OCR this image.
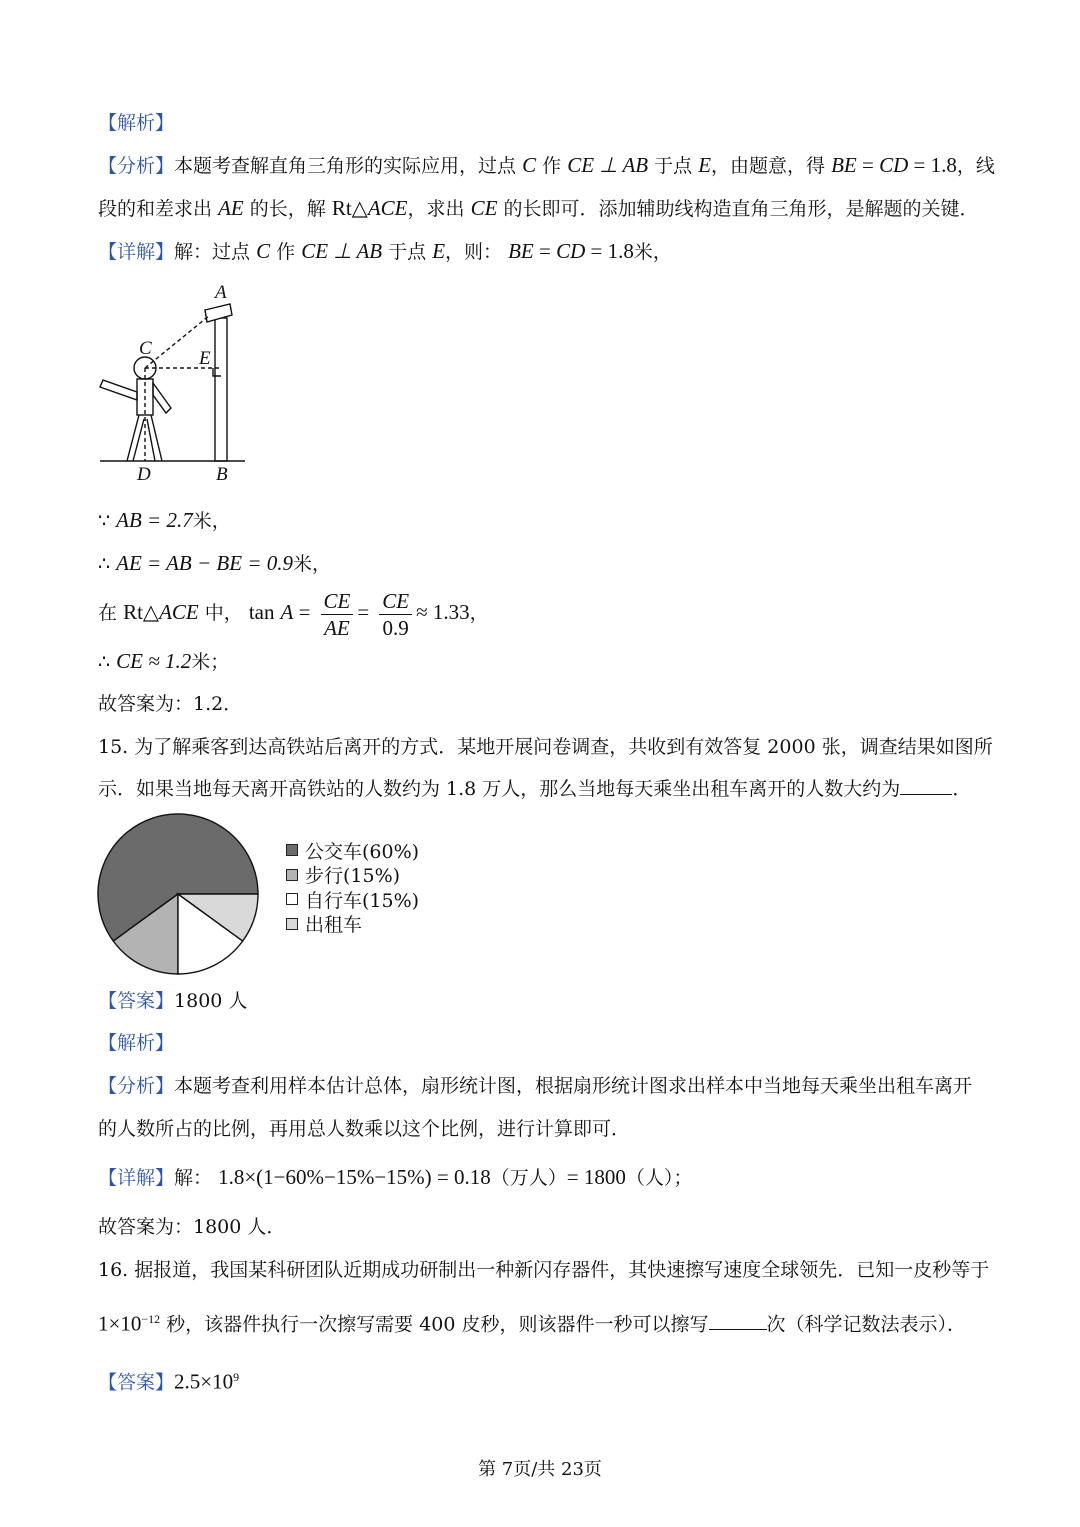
【解析】
【分析】本题考查解直角三角形的实际应用，过点 C 作 CE ⊥ AB 于点 E，由题意，得 BE = CD = 1.8，线
段的和差求出 AE 的长，解 Rt△ACE，求出 CE 的长即可．添加辅助线构造直角三角形，是解题的关键．
【详解】解：过点 C 作 CE ⊥ AB 于点 E，则： BE = CD = 1.8米，
A
C E
D	B
∵ AB = 2.7米，
∴ AE = AB − BE = 0.9米，
在 Rt△ACE 中， $\tan A = \frac{CE}{AE} = \frac{CE}{0.9} \approx 1.33$，
∴ CE ≈ 1.2米；
故答案为：1.2．
15. 为了解乘客到达高铁站后离开的方式．某地开展问卷调查，共收到有效答复 2000 张，调查结果如图所
示．如果当地每天离开高铁站的人数约为 1.8 万人，那么当地每天乘坐出租车离开的人数大约为	．
公交车(60%)
步行(15%)
自行车(15%)
出租车
【答案】1800 人
【解析】
【分析】本题考查利用样本估计总体，扇形统计图，根据扇形统计图求出样本中当地每天乘坐出租车离开
的人数所占的比例，再用总人数乘以这个比例，进行计算即可．
【详解】解： 1.8×(1−60%−15%−15%) = 0.18（万人）= 1800（人）；
故答案为：1800 人．
16. 据报道，我国某科研团队近期成功研制出一种新闪存器件，其快速擦写速度全球领先．已知一皮秒等于
$1\times 10^{-12}$ 秒，该器件执行一次擦写需要 400 皮秒，则该器件一秒可以擦写	次（科学记数法表示）．
【答案】$2.5\times 10^9$
第 7页/共 23页
